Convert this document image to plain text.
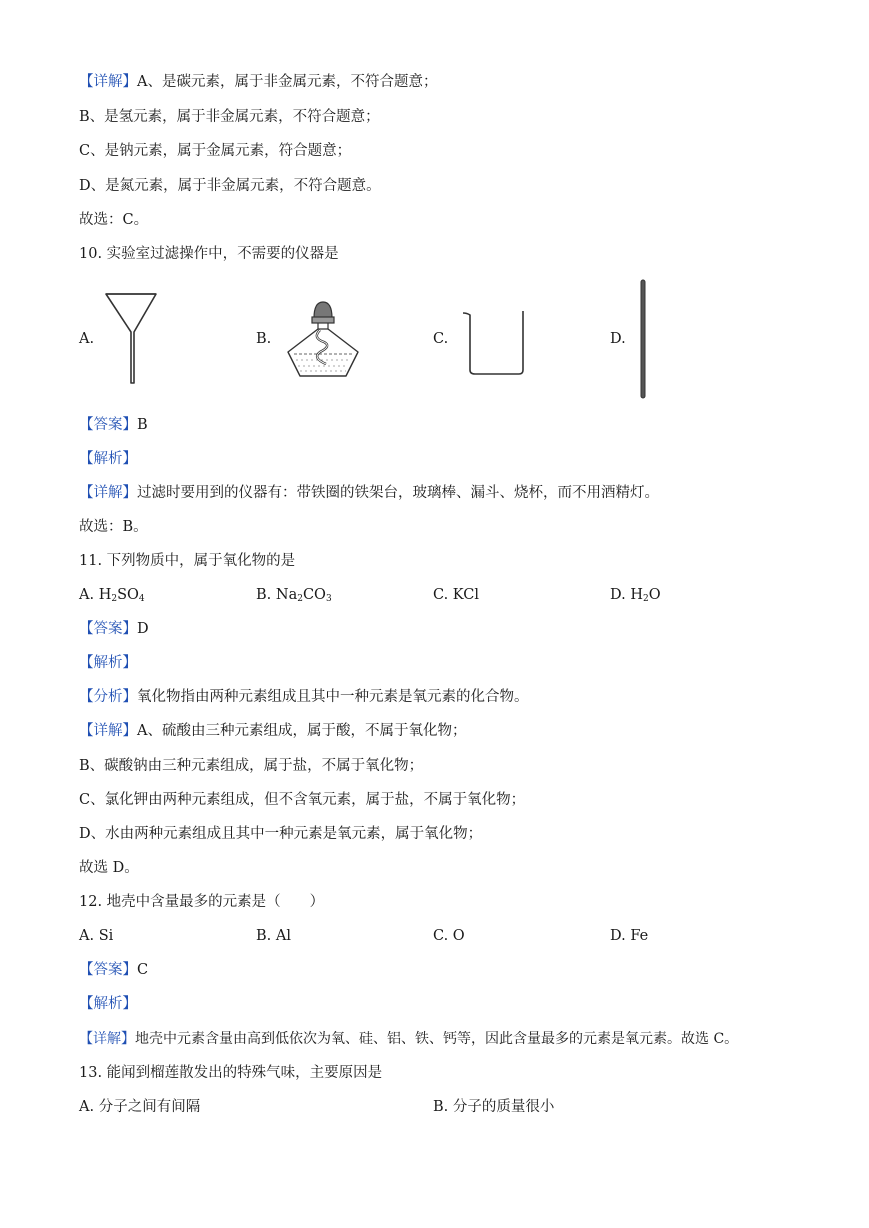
【详解】A、是碳元素，属于非金属元素，不符合题意；
B、是氢元素，属于非金属元素，不符合题意；
C、是钠元素，属于金属元素，符合题意；
D、是氮元素，属于非金属元素，不符合题意。
故选：C。
10. 实验室过滤操作中，不需要的仪器是
A.	B.	C.	D.
【答案】B
【解析】
【详解】过滤时要用到的仪器有：带铁圈的铁架台，玻璃棒、漏斗、烧杯，而不用酒精灯。
故选：B。
11. 下列物质中，属于氧化物的是
A. $H_2SO_4$	B. $Na_2CO_3$	C. KCl	D. $H_2O$
【答案】D
【解析】
【分析】氧化物指由两种元素组成且其中一种元素是氧元素的化合物。
【详解】A、硫酸由三种元素组成，属于酸，不属于氧化物；
B、碳酸钠由三种元素组成，属于盐，不属于氧化物；
C、氯化钾由两种元素组成，但不含氧元素，属于盐，不属于氧化物；
D、水由两种元素组成且其中一种元素是氧元素，属于氧化物；
故选 D。
12. 地壳中含量最多的元素是（　　）
A. Si	B. Al	C. O	D. Fe
【答案】C
【解析】
【详解】地壳中元素含量由高到低依次为氧、硅、铝、铁、钙等，因此含量最多的元素是氧元素。故选 C。
13. 能闻到榴莲散发出的特殊气味，主要原因是
A. 分子之间有间隔	B. 分子的质量很小
